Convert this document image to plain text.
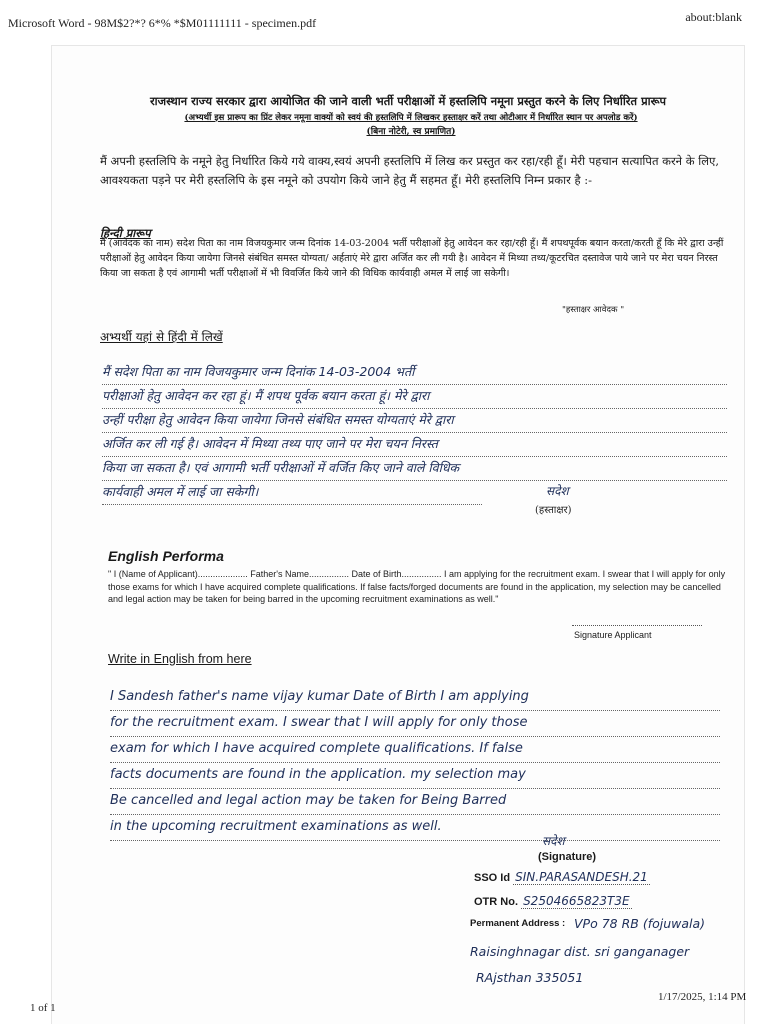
Microsoft Word - 98M$2?*? 6*% *$M01111111 - specimen.pdf	about:blank
राजस्थान राज्य सरकार द्वारा आयोजित की जाने वाली भर्ती परीक्षाओं में हस्तलिपि नमूना प्रस्तुत करने के लिए निर्धारित प्रारूप
(अभ्यर्थी इस प्रारूप का प्रिंट लेकर नमूना वाक्यों को स्वयं की हस्तलिपि में लिखकर हस्ताक्षर करें तथा ओटीआर में निर्धारित स्थान पर अपलोड करें)
(बिना नोटेरी, स्व प्रमाणित)
मैं अपनी हस्तलिपि के नमूने हेतु निर्धारित किये गये वाक्य,स्वयं अपनी हस्तलिपि में लिख कर प्रस्तुत कर रहा/रही हूँ। मेरी पहचान सत्यापित करने के लिए, आवश्यकता पड़ने पर मेरी हस्तलिपि के इस नमूने को उपयोग किये जाने हेतु मैं सहमत हूँ। मेरी हस्तलिपि निम्न प्रकार है :-
हिन्दी प्रारूप
मैं (आवेदक का नाम) सदेश पिता का नाम विजयकुमार जन्म दिनांक 14-03-2004 भर्ती परीक्षाओं हेतु आवेदन कर रहा/रही हूँ। मैं शपथपूर्वक बयान करता/करती हूँ कि मेरे द्वारा उन्हीं परीक्षाओं हेतु आवेदन किया जायेगा जिनसे संबंधित समस्त योग्यता/ अर्हताएं मेरे द्वारा अर्जित कर ली गयी है। आवेदन में मिथ्या तथ्य/कूटरचित दस्तावेज पाये जाने पर मेरा चयन निरस्त किया जा सकता है एवं आगामी भर्ती परीक्षाओं में भी विवर्जित किये जाने की विधिक कार्यवाही अमल में लाई जा सकेगी।
"हस्ताक्षर आवेदक "
अभ्यर्थी यहां से हिंदी में लिखें
मैं सदेश पिता का नाम विजयकुमार जन्म दिनांक 14-03-2004 भर्ती
परीक्षाओं हेतु आवेदन कर रहा हूं। मैं शपथ पूर्वक बयान करता हूं। मेरे द्वारा
उन्हीं परीक्षा हेतु आवेदन किया जायेगा जिनसे संबंधित समस्त योग्यताएं मेरे द्वारा
अर्जित कर ली गई है। आवेदन में मिथ्या तथ्य पाए जाने पर मेरा चयन निरस्त
किया जा सकता है। एवं आगामी भर्ती परीक्षाओं में वर्जित किए जाने वाले विधिक
कार्यवाही अमल में लाई जा सकेगी।	सदेश
(हस्ताक्षर)
English Performa
" I (Name of Applicant).................... Father's Name................ Date of Birth................ I am applying for the recruitment exam. I swear that I will apply for only those exams for which I have acquired complete qualifications. If false facts/forged documents are found in the application, my selection may be cancelled and legal action may be taken for being barred in the upcoming recruitment examinations as well."
Signature Applicant
Write in English from here
I Sandesh father's name vijay kumar Date of Birth I am applying
for the recruitment exam. I swear that I will apply for only those
exam for which I have acquired complete qualifications. If false
facts documents are found in the application. my selection may
Be cancelled and legal action may be taken for Being Barred
in the upcoming recruitment examinations as well.
सदेश
(Signature)
SSO Id SIN.PARASANDESH.21
OTR No. S2504665823T3E
Permanent Address : VPo 78 RB (fojuwala)
Raisinghnagar dist. sri ganganager
RAjsthan 335051
1 of 1
1/17/2025, 1:14 PM
